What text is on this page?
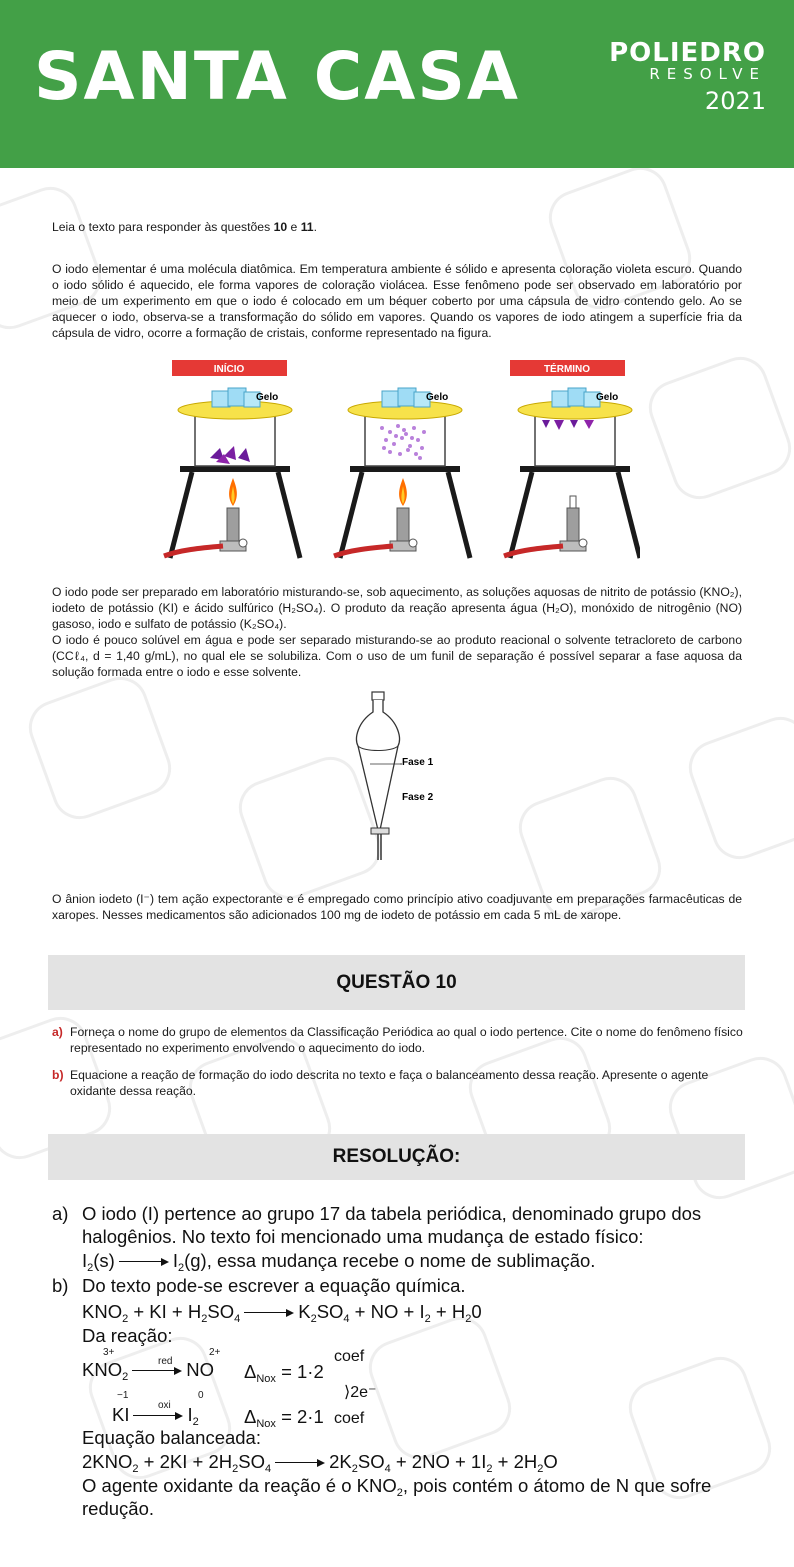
SANTA CASA	POLIEDRO
RESOLVE
2021
Leia o texto para responder às questões 10 e 11.
O iodo elementar é uma molécula diatômica. Em temperatura ambiente é sólido e apresenta coloração violeta escuro. Quando o iodo sólido é aquecido, ele forma vapores de coloração violácea. Esse fenômeno pode ser observado em laboratório por meio de um experimento em que o iodo é colocado em um béquer coberto por uma cápsula de vidro contendo gelo. Ao se aquecer o iodo, observa-se a transformação do sólido em vapores. Quando os vapores de iodo atingem a superfície fria da cápsula de vidro, ocorre a formação de cristais, conforme representado na figura.
INÍCIO	TÉRMINO
Gelo	Gelo	Gelo
O iodo pode ser preparado em laboratório misturando-se, sob aquecimento, as soluções aquosas de nitrito de potássio (KNO₂), iodeto de potássio (KI) e ácido sulfúrico (H₂SO₄). O produto da reação apresenta água (H₂O), monóxido de nitrogênio (NO) gasoso, iodo e sulfato de potássio (K₂SO₄).
O iodo é pouco solúvel em água e pode ser separado misturando-se ao produto reacional o solvente tetracloreto de carbono (CCℓ₄, d = 1,40 g/mL), no qual ele se solubiliza. Com o uso de um funil de separação é possível separar a fase aquosa da solução formada entre o iodo e esse solvente.
Fase 1
Fase 2
O ânion iodeto (I⁻) tem ação expectorante e é empregado como princípio ativo coadjuvante em preparações farmacêuticas de xaropes. Nesses medicamentos são adicionados 100 mg de iodeto de potássio em cada 5 mL de xarope.
QUESTÃO 10
a) Forneça o nome do grupo de elementos da Classificação Periódica ao qual o iodo pertence. Cite o nome do fenômeno físico representado no experimento envolvendo o aquecimento do iodo.
b) Equacione a reação de formação do iodo descrita no texto e faça o balanceamento dessa reação. Apresente o agente oxidante dessa reação.
RESOLUÇÃO:
a) O iodo (I) pertence ao grupo 17 da tabela periódica, denominado grupo dos
halogênios. No texto foi mencionado uma mudança de estado físico:
$I_2(s)$	$I_2(g)$, essa mudança recebe o nome de sublimação.
b) Do texto pode-se escrever a equação química.
$KNO_2$ + KI + $H_2SO_4$	$K_2SO_4$ + NO + $I_2 + H_20$
Da reação:
$KNO_2$	NO
3+	2+
red	$\Delta_{Nox} = 1\cdot 2$
coef
⟩2e⁻
coef
KI	$I_2$
−1	0
oxi
$\Delta_{Nox} = 2\cdot 1$
Equação balanceada:
$2KNO_2 + 2KI + 2H_2SO_4$	$2K_2SO_4 + 2NO + 1I_2 + 2H_2O$
O agente oxidante da reação é o $KNO_2$, pois contém o átomo de N que sofre
redução.
